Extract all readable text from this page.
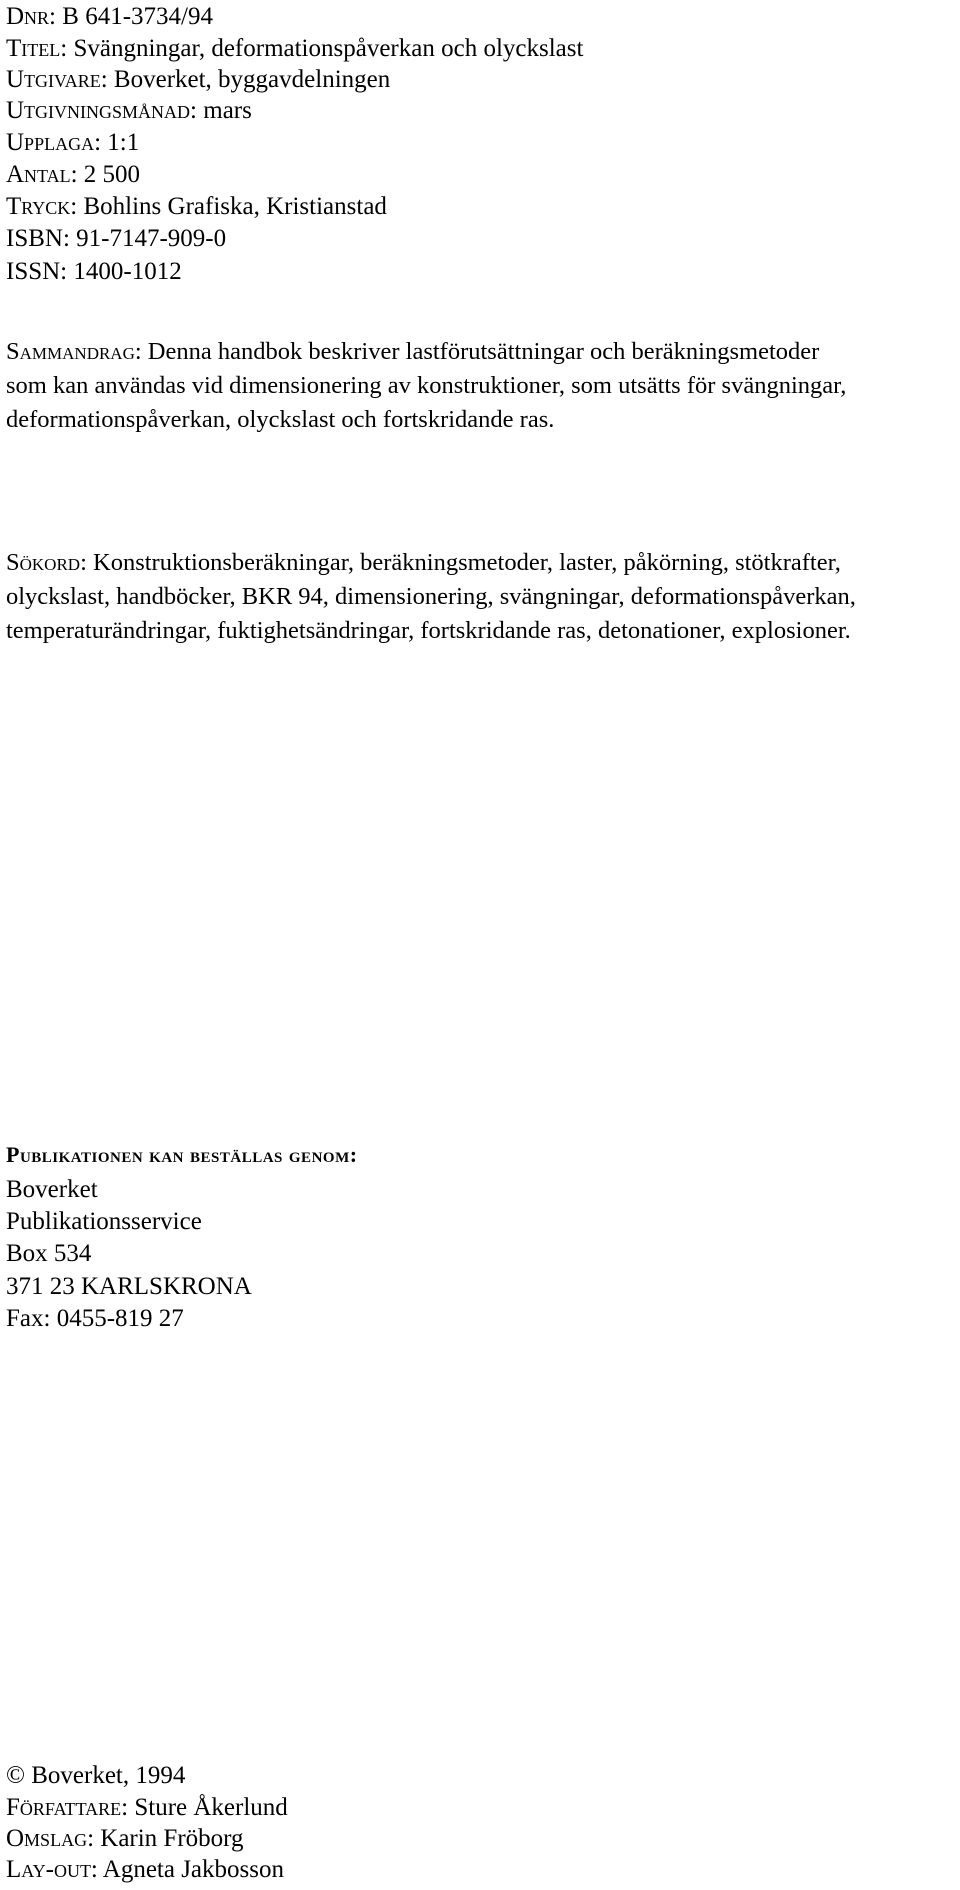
Dnr: B 641-3734/94
Titel: Svängningar, deformationspåverkan och olyckslast
Utgivare: Boverket, byggavdelningen
Utgivningsmånad: mars
Upplaga: 1:1
Antal: 2 500
Tryck: Bohlins Grafiska, Kristianstad
ISBN: 91-7147-909-0
ISSN: 1400-1012

Sammandrag: Denna handbok beskriver lastförutsättningar och beräkningsmetoder

som kan användas vid dimensionering av konstruktioner, som utsätts för svängningar,

deformationspåverkan, olyckslast och fortskridande ras.

Sökord: Konstruktionsberäkningar, beräkningsmetoder, laster, påkörning, stötkrafter,

olyckslast, handböcker, BKR 94, dimensionering, svängningar, deformationspåverkan,

temperaturändringar, fuktighetsändringar, fortskridande ras, detonationer, explosioner.

Publikationen kan beställas genom:
Boverket
Publikationsservice
Box 534
371 23 KARLSKRONA
Fax: 0455-819 27
© Boverket, 1994
Författare: Sture Åkerlund
Omslag: Karin Fröborg
Lay-out: Agneta Jakbosson
